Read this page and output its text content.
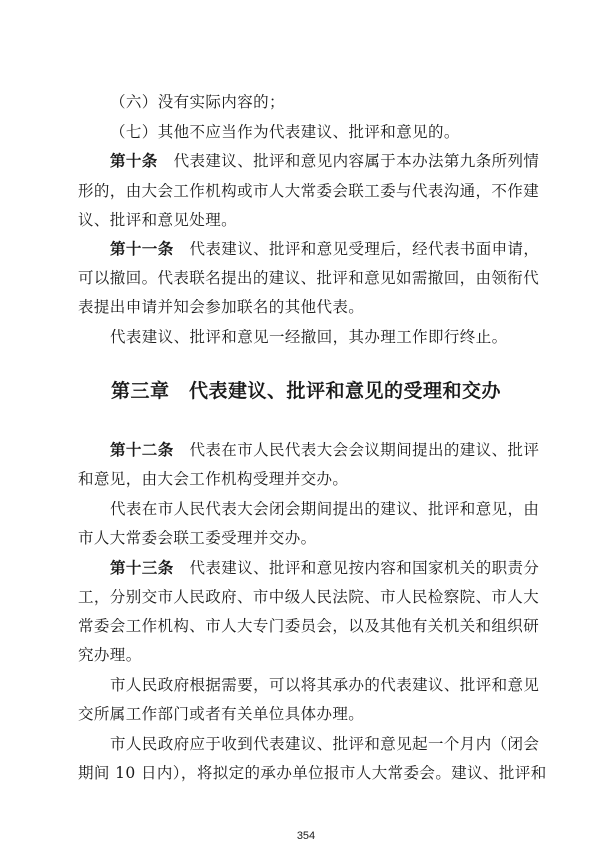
（六）没有实际内容的；
（七）其他不应当作为代表建议、批评和意见的。
第十条　代表建议、批评和意见内容属于本办法第九条所列情
形的，由大会工作机构或市人大常委会联工委与代表沟通，不作建
议、批评和意见处理。
第十一条　代表建议、批评和意见受理后，经代表书面申请，
可以撤回。代表联名提出的建议、批评和意见如需撤回，由领衔代
表提出申请并知会参加联名的其他代表。
代表建议、批评和意见一经撤回，其办理工作即行终止。
第三章　代表建议、批评和意见的受理和交办
第十二条　代表在市人民代表大会会议期间提出的建议、批评
和意见，由大会工作机构受理并交办。
代表在市人民代表大会闭会期间提出的建议、批评和意见，由
市人大常委会联工委受理并交办。
第十三条　代表建议、批评和意见按内容和国家机关的职责分
工，分别交市人民政府、市中级人民法院、市人民检察院、市人大
常委会工作机构、市人大专门委员会，以及其他有关机关和组织研
究办理。
市人民政府根据需要，可以将其承办的代表建议、批评和意见
交所属工作部门或者有关单位具体办理。
市人民政府应于收到代表建议、批评和意见起一个月内（闭会
期间 10 日内），将拟定的承办单位报市人大常委会。建议、批评和
354
